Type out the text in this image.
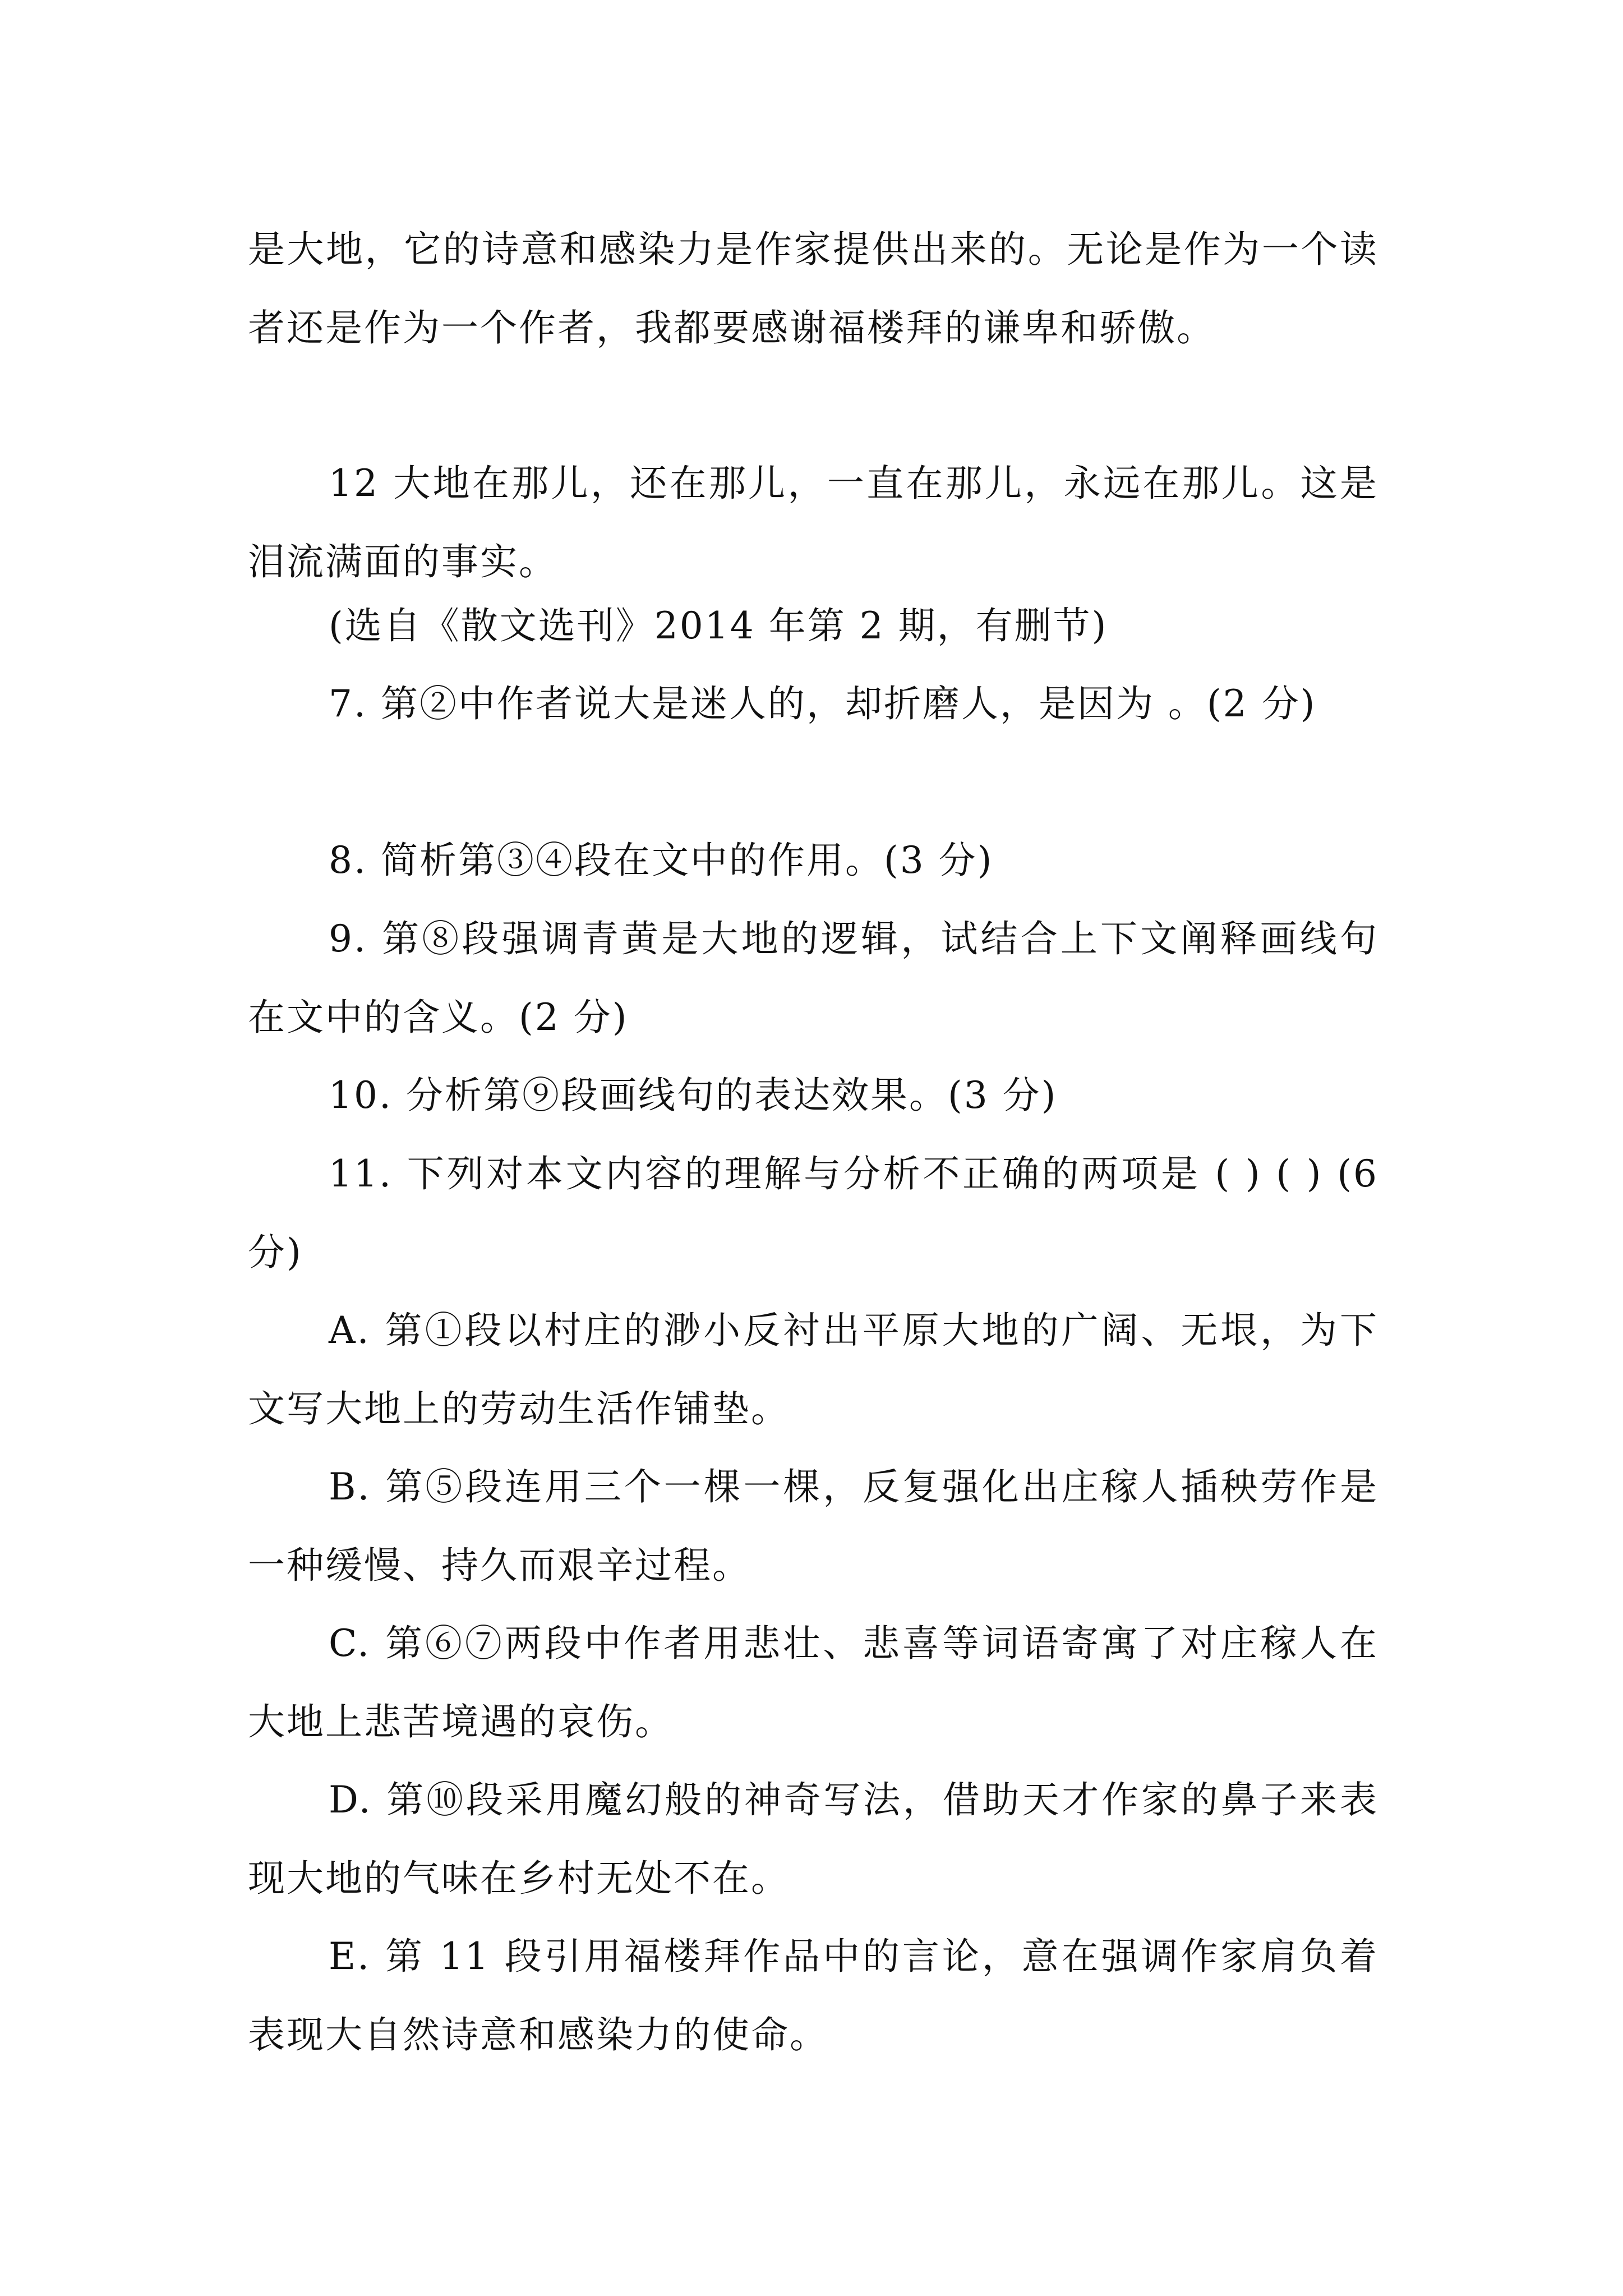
是大地，它的诗意和感染力是作家提供出来的。无论是作为一个读者还是作为一个作者，我都要感谢福楼拜的谦卑和骄傲。

12 大地在那儿，还在那儿，一直在那儿，永远在那儿。这是泪流满面的事实。

(选自《散文选刊》2014 年第 2 期，有删节)

7. 第②中作者说大是迷人的，却折磨人，是因为 。(2 分)

8. 简析第③④段在文中的作用。(3 分)

9. 第⑧段强调青黄是大地的逻辑，试结合上下文阐释画线句在文中的含义。(2 分)

10. 分析第⑨段画线句的表达效果。(3 分)

11. 下列对本文内容的理解与分析不正确的两项是 ( ) ( ) (6 分)

A. 第①段以村庄的渺小反衬出平原大地的广阔、无垠，为下文写大地上的劳动生活作铺垫。

B. 第⑤段连用三个一棵一棵，反复强化出庄稼人插秧劳作是一种缓慢、持久而艰辛过程。

C. 第⑥⑦两段中作者用悲壮、悲喜等词语寄寓了对庄稼人在大地上悲苦境遇的哀伤。

D. 第⑩段采用魔幻般的神奇写法，借助天才作家的鼻子来表现大地的气味在乡村无处不在。

E. 第 11 段引用福楼拜作品中的言论，意在强调作家肩负着表现大自然诗意和感染力的使命。
